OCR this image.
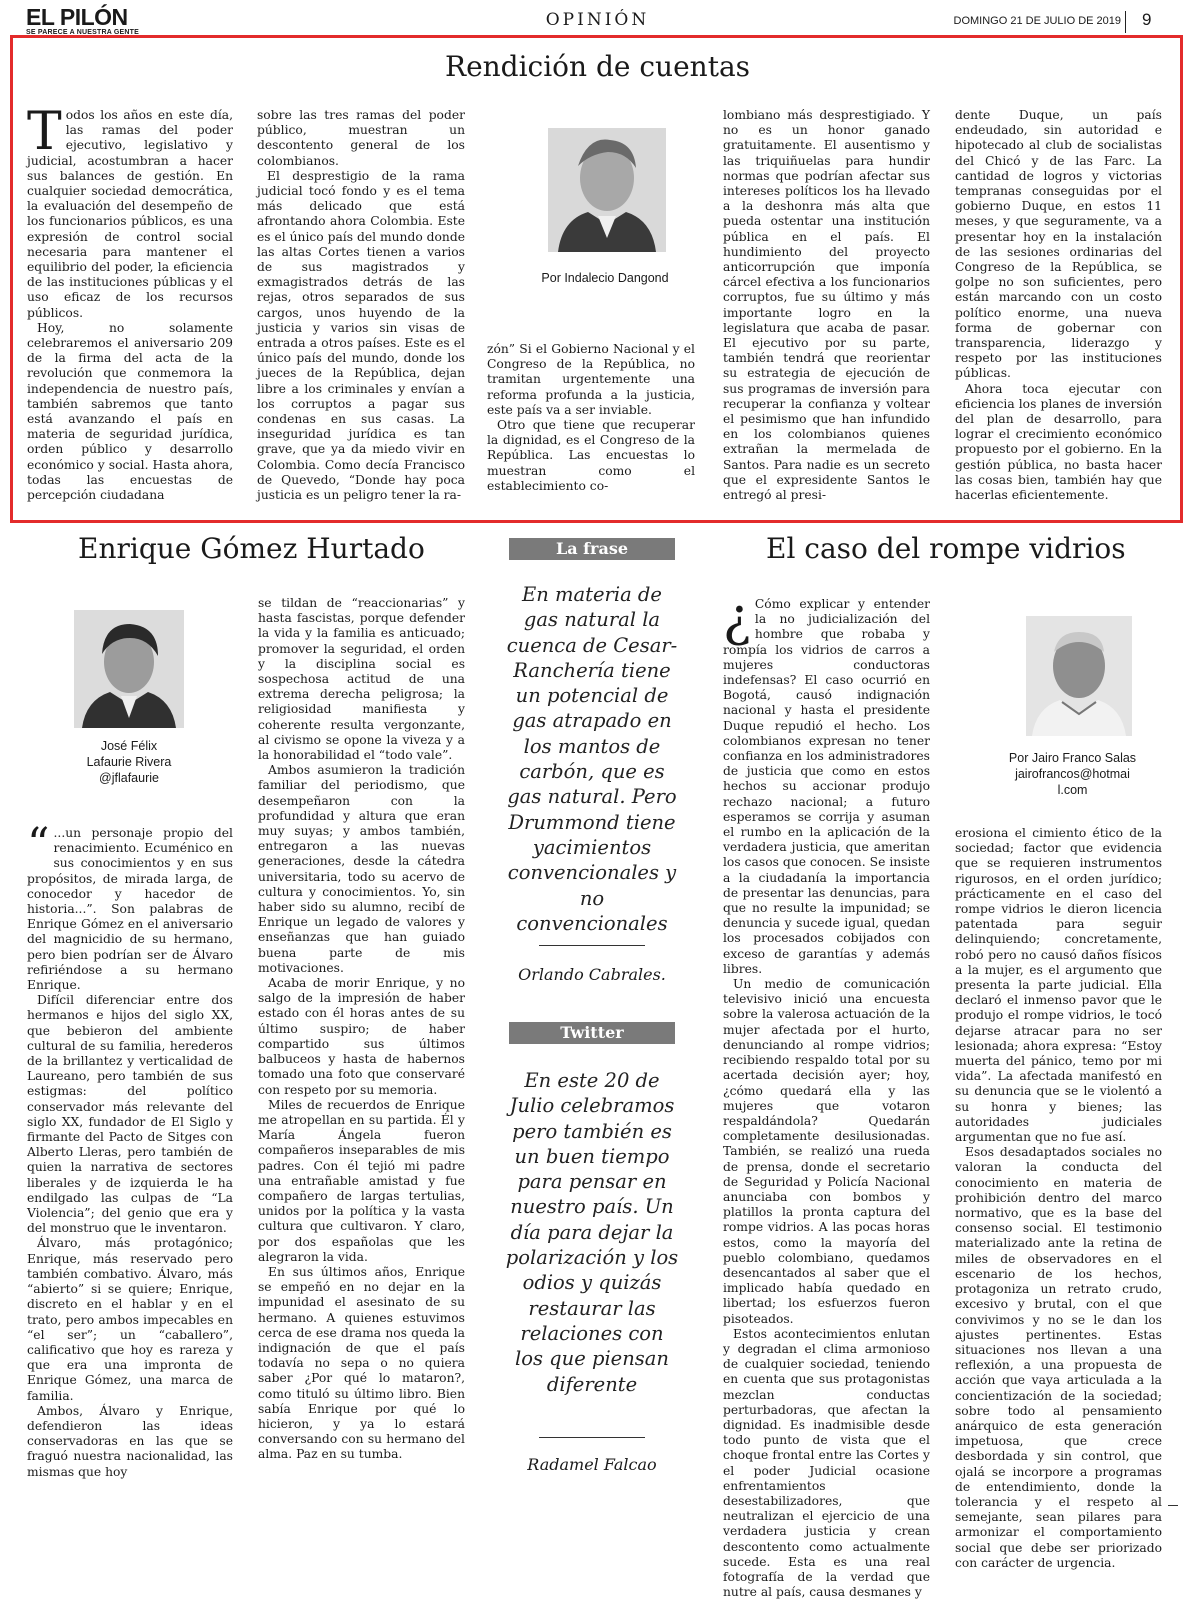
EL PILÓN
SE PARECE A NUESTRA GENTE
OPINIÓN	DOMINGO 21 DE JULIO DE 2019 9
Rendición de cuentas

Todos los años en este día, las ramas del poder ejecutivo, legislativo y judicial, acostumbran a hacer sus balances de gestión. En cualquier sociedad democrática, la evaluación del desempeño de los funcionarios públicos, es una expresión de control social necesaria para mantener el equilibrio del poder, la eficiencia de las instituciones públicas y el uso eficaz de los recursos públicos.

Hoy, no solamente celebraremos el aniversario 209 de la firma del acta de la revolución que conmemora la independencia de nuestro país, también sabremos que tanto está avanzando el país en materia de seguridad jurídica, orden público y desarrollo económico y social. Hasta ahora, todas las encuestas de percepción ciudadana

sobre las tres ramas del poder público, muestran un descontento general de los colombianos.

El desprestigio de la rama judicial tocó fondo y es el tema más delicado que está afrontando ahora Colombia. Este es el único país del mundo donde las altas Cortes tienen a varios de sus magistrados y exmagistrados detrás de las rejas, otros separados de sus cargos, unos huyendo de la justicia y varios sin visas de entrada a otros países. Este es el único país del mundo, donde los jueces de la República, dejan libre a los criminales y envían a los corruptos a pagar sus condenas en sus casas. La inseguridad jurídica es tan grave, que ya da miedo vivir en Colombia. Como decía Francisco de Quevedo, “Donde hay poca justicia es un peligro tener la ra-

Por Indalecio Dangond

zón” Si el Gobierno Nacional y el Congreso de la República, no tramitan urgentemente una reforma profunda a la justicia, este país va a ser inviable.

Otro que tiene que recuperar la dignidad, es el Congreso de la República. Las encuestas lo muestran como el establecimiento co-

lombiano más desprestigiado. Y no es un honor ganado gratuitamente. El ausentismo y las triquiñuelas para hundir normas que podrían afectar sus intereses políticos los ha llevado a la deshonra más alta que pueda ostentar una institución pública en el país. El hundimiento del proyecto anticorrupción que imponía cárcel efectiva a los funcionarios corruptos, fue su último y más importante logro en la legislatura que acaba de pasar. El ejecutivo por su parte, también tendrá que reorientar su estrategia de ejecución de sus programas de inversión para recuperar la confianza y voltear el pesimismo que han infundido en los colombianos quienes extrañan la mermelada de Santos. Para nadie es un secreto que el expresidente Santos le entregó al presi-

dente Duque, un país endeudado, sin autoridad e hipotecado al club de socialistas del Chicó y de las Farc. La cantidad de logros y victorias tempranas conseguidas por el gobierno Duque, en estos 11 meses, y que seguramente, va a presentar hoy en la instalación de las sesiones ordinarias del Congreso de la República, se golpe no son suficientes, pero están marcando con un costo político enorme, una nueva forma de gobernar con transparencia, liderazgo y respeto por las instituciones públicas.

Ahora toca ejecutar con eficiencia los planes de inversión del plan de desarrollo, para lograr el crecimiento económico propuesto por el gobierno. En la gestión pública, no basta hacer las cosas bien, también hay que hacerlas eficientemente.

Enrique Gómez Hurtado
José Félix
Lafaurie Rivera
@jflafaurie

“ ...un personaje propio del renacimiento. Ecuménico en sus conocimientos y en sus propósitos, de mirada larga, de conocedor y hacedor de historia...”. Son palabras de Enrique Gómez en el aniversario del magnicidio de su hermano, pero bien podrían ser de Álvaro refiriéndose a su hermano Enrique.

Difícil diferenciar entre dos hermanos e hijos del siglo XX, que bebieron del ambiente cultural de su familia, herederos de la brillantez y verticalidad de Laureano, pero también de sus estigmas: del político conservador más relevante del siglo XX, fundador de El Siglo y firmante del Pacto de Sitges con Alberto Lleras, pero también de quien la narrativa de sectores liberales y de izquierda le ha endilgado las culpas de “La Violencia”; del genio que era y del monstruo que le inventaron.

Álvaro, más protagónico; Enrique, más reservado pero también combativo. Álvaro, más “abierto” si se quiere; Enrique, discreto en el hablar y en el trato, pero ambos impecables en “el ser”; un “caballero”, calificativo que hoy es rareza y que era una impronta de Enrique Gómez, una marca de familia.

Ambos, Álvaro y Enrique, defendieron las ideas conservadoras en las que se fraguó nuestra nacionalidad, las mismas que hoy

se tildan de “reaccionarias” y hasta fascistas, porque defender la vida y la familia es anticuado; promover la seguridad, el orden y la disciplina social es sospechosa actitud de una extrema derecha peligrosa; la religiosidad manifiesta y coherente resulta vergonzante, al civismo se opone la viveza y a la honorabilidad el “todo vale”.

Ambos asumieron la tradición familiar del periodismo, que desempeñaron con la profundidad y altura que eran muy suyas; y ambos también, entregaron a las nuevas generaciones, desde la cátedra universitaria, todo su acervo de cultura y conocimientos. Yo, sin haber sido su alumno, recibí de Enrique un legado de valores y enseñanzas que han guiado buena parte de mis motivaciones.

Acaba de morir Enrique, y no salgo de la impresión de haber estado con él horas antes de su último suspiro; de haber compartido sus últimos balbuceos y hasta de habernos tomado una foto que conservaré con respeto por su memoria.

Miles de recuerdos de Enrique me atropellan en su partida. Él y María Ángela fueron compañeros inseparables de mis padres. Con él tejió mi padre una entrañable amistad y fue compañero de largas tertulias, unidos por la política y la vasta cultura que cultivaron. Y claro, por dos españolas que les alegraron la vida.

En sus últimos años, Enrique se empeñó en no dejar en la impunidad el asesinato de su hermano. A quienes estuvimos cerca de ese drama nos queda la indignación de que el país todavía no sepa o no quiera saber ¿Por qué lo mataron?, como tituló su último libro. Bien sabía Enrique por qué lo hicieron, y ya lo estará conversando con su hermano del alma. Paz en su tumba.

La frase
En materia de gas natural la cuenca de Cesar-Ranchería tiene un potencial de gas atrapado en los mantos de carbón, que es gas natural. Pero Drummond tiene yacimientos convencionales y no convencionales
Orlando Cabrales.
Twitter
En este 20 de Julio celebramos pero también es un buen tiempo para pensar en nuestro país. Un día para dejar la polarización y los odios y quizás restaurar las relaciones con los que piensan diferente
Radamel Falcao
El caso del rompe vidrios

¿ Cómo explicar y entender la no judicialización del hombre que robaba y rompía los vidrios de carros a mujeres conductoras indefensas? El caso ocurrió en Bogotá, causó indignación nacional y hasta el presidente Duque repudió el hecho. Los colombianos expresan no tener confianza en los administradores de justicia que como en estos hechos su accionar produjo rechazo nacional; a futuro esperamos se corrija y asuman el rumbo en la aplicación de la verdadera justicia, que ameritan los casos que conocen. Se insiste a la ciudadanía la importancia de presentar las denuncias, para que no resulte la impunidad; se denuncia y sucede igual, quedan los procesados cobijados con exceso de garantías y además libres.

Un medio de comunicación televisivo inició una encuesta sobre la valerosa actuación de la mujer afectada por el hurto, denunciando al rompe vidrios; recibiendo respaldo total por su acertada decisión ayer; hoy, ¿cómo quedará ella y las mujeres que votaron respaldándola? Quedarán completamente desilusionadas. También, se realizó una rueda de prensa, donde el secretario de Seguridad y Policía Nacional anunciaba con bombos y platillos la pronta captura del rompe vidrios. A las pocas horas estos, como la mayoría del pueblo colombiano, quedamos desencantados al saber que el implicado había quedado en libertad; los esfuerzos fueron pisoteados.

Estos acontecimientos enlutan y degradan el clima armonioso de cualquier sociedad, teniendo en cuenta que sus protagonistas mezclan conductas perturbadoras, que afectan la dignidad. Es inadmisible desde todo punto de vista que el choque frontal entre las Cortes y el poder Judicial ocasione enfrentamientos desestabilizadores, que neutralizan el ejercicio de una verdadera justicia y crean descontento como actualmente sucede. Esta es una real fotografía de la verdad que nutre al país, causa desmanes y

Por Jairo Franco Salas
jairofrancos@hotmail.com

erosiona el cimiento ético de la sociedad; factor que evidencia que se requieren instrumentos rigurosos, en el orden jurídico; prácticamente en el caso del rompe vidrios le dieron licencia patentada para seguir delinquiendo; concretamente, robó pero no causó daños físicos a la mujer, es el argumento que presenta la parte judicial. Ella declaró el inmenso pavor que le produjo el rompe vidrios, le tocó dejarse atracar para no ser lesionada; ahora expresa: “Estoy muerta del pánico, temo por mi vida”. La afectada manifestó en su denuncia que se le violentó a su honra y bienes; las autoridades judiciales argumentan que no fue así.

Esos desadaptados sociales no valoran la conducta del conocimiento en materia de prohibición dentro del marco normativo, que es la base del consenso social. El testimonio materializado ante la retina de miles de observadores en el escenario de los hechos, protagoniza un retrato crudo, excesivo y brutal, con el que convivimos y no se le dan los ajustes pertinentes. Estas situaciones nos llevan a una reflexión, a una propuesta de acción que vaya articulada a la concientización de la sociedad; sobre todo al pensamiento anárquico de esta generación impetuosa, que crece desbordada y sin control, que ojalá se incorpore a programas de entendimiento, donde la tolerancia y el respeto al semejante, sean pilares para armonizar el comportamiento social que debe ser priorizado con carácter de urgencia.
